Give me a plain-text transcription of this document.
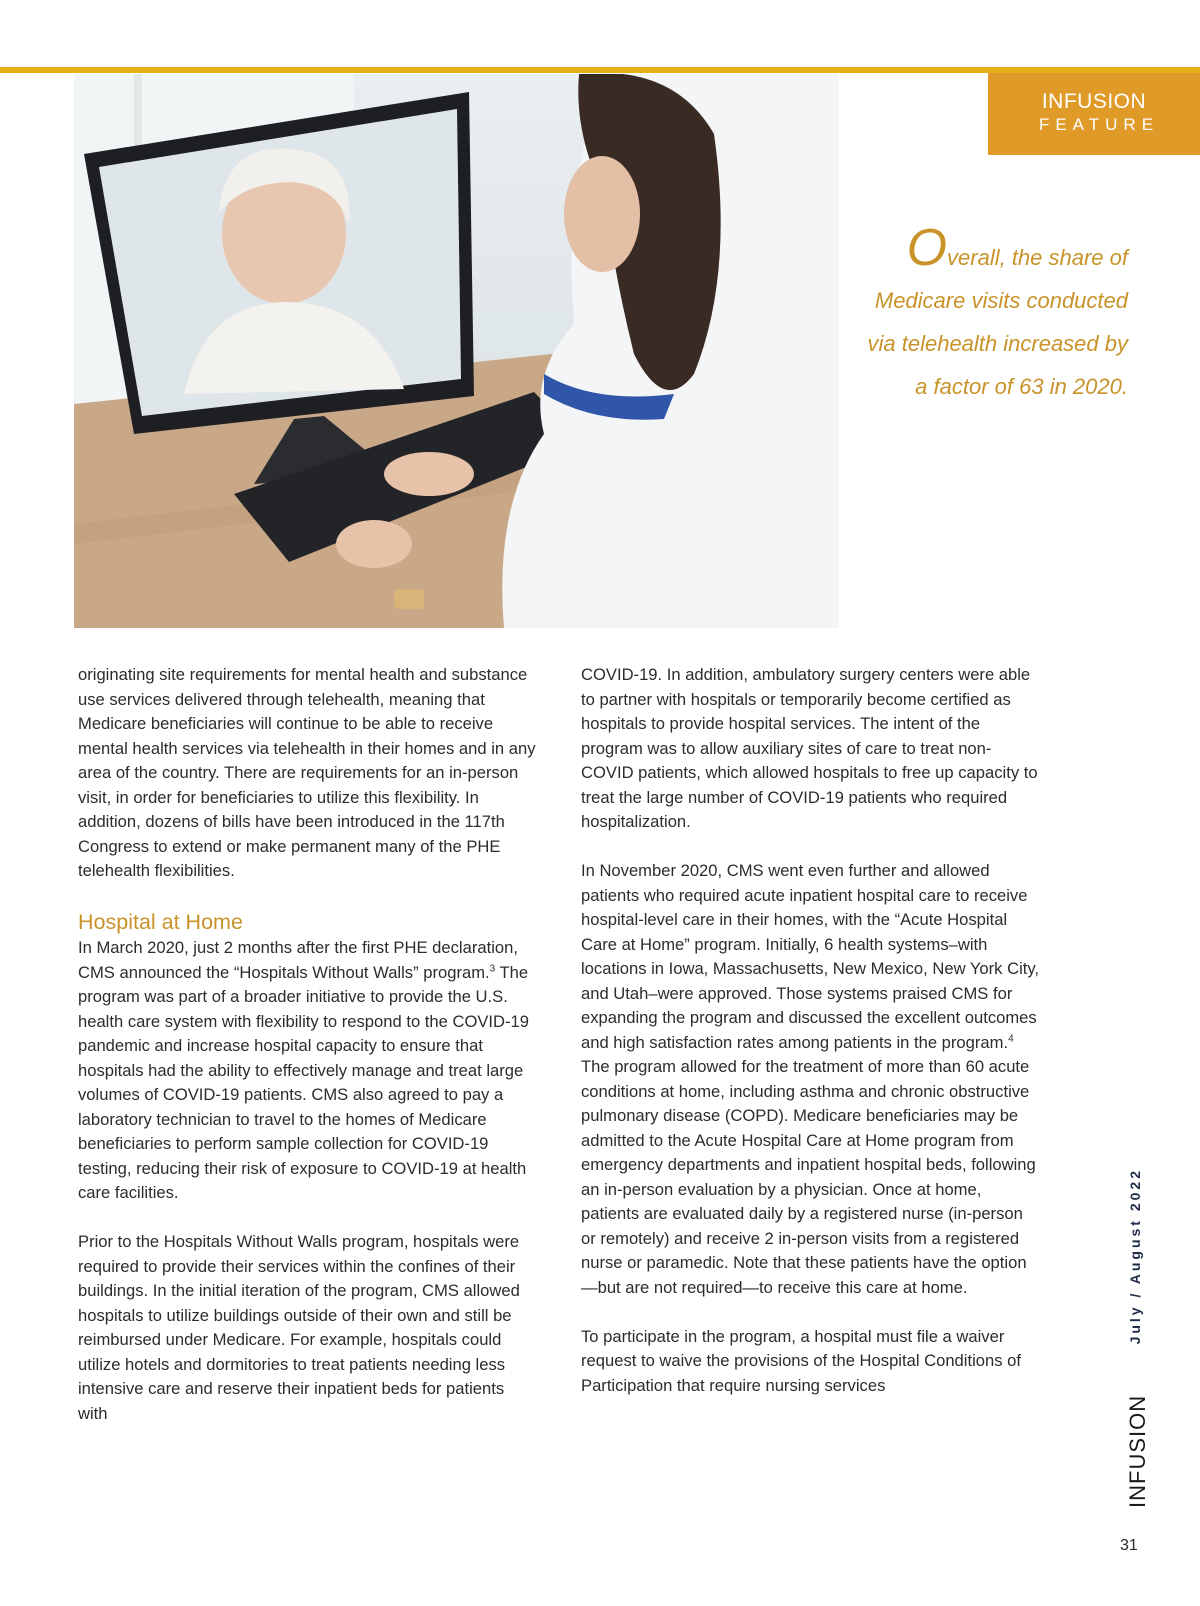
INFUSION
FEATURE
Overall, the share of Medicare visits conducted via telehealth increased by a factor of 63 in 2020.

originating site requirements for mental health and substance use services delivered through telehealth, meaning that Medicare beneficiaries will continue to be able to receive mental health services via telehealth in their homes and in any area of the country. There are requirements for an in-person visit, in order for beneficiaries to utilize this flexibility. In addition, dozens of bills have been introduced in the 117th Congress to extend or make permanent many of the PHE telehealth flexibilities.

Hospital at Home

In March 2020, just 2 months after the first PHE declaration, CMS announced the “Hospitals Without Walls” program.$^3$ The program was part of a broader initiative to provide the U.S. health care system with flexibility to respond to the COVID-19 pandemic and increase hospital capacity to ensure that hospitals had the ability to effectively manage and treat large volumes of COVID-19 patients. CMS also agreed to pay a laboratory technician to travel to the homes of Medicare beneficiaries to perform sample collection for COVID-19 testing, reducing their risk of exposure to COVID-19 at health care facilities.

Prior to the Hospitals Without Walls program, hospitals were required to provide their services within the confines of their buildings. In the initial iteration of the program, CMS allowed hospitals to utilize buildings outside of their own and still be reimbursed under Medicare. For example, hospitals could utilize hotels and dormitories to treat patients needing less intensive care and reserve their inpatient beds for patients with

COVID-19. In addition, ambulatory surgery centers were able to partner with hospitals or temporarily become certified as hospitals to provide hospital services. The intent of the program was to allow auxiliary sites of care to treat non-COVID patients, which allowed hospitals to free up capacity to treat the large number of COVID-19 patients who required hospitalization.

In November 2020, CMS went even further and allowed patients who required acute inpatient hospital care to receive hospital-level care in their homes, with the “Acute Hospital Care at Home” program. Initially, 6 health systems–with locations in Iowa, Massachusetts, New Mexico, New York City, and Utah–were approved. Those systems praised CMS for expanding the program and discussed the excellent outcomes and high satisfaction rates among patients in the program.$^4$ The program allowed for the treatment of more than 60 acute conditions at home, including asthma and chronic obstructive pulmonary disease (COPD). Medicare beneficiaries may be admitted to the Acute Hospital Care at Home program from emergency departments and inpatient hospital beds, following an in-person evaluation by a physician. Once at home, patients are evaluated daily by a registered nurse (in-person or remotely) and receive 2 in-person visits from a registered nurse or paramedic. Note that these patients have the option—but are not required—to receive this care at home.

To participate in the program, a hospital must file a waiver request to waive the provisions of the Hospital Conditions of Participation that require nursing services

July / August 2022
INFUSION
31
